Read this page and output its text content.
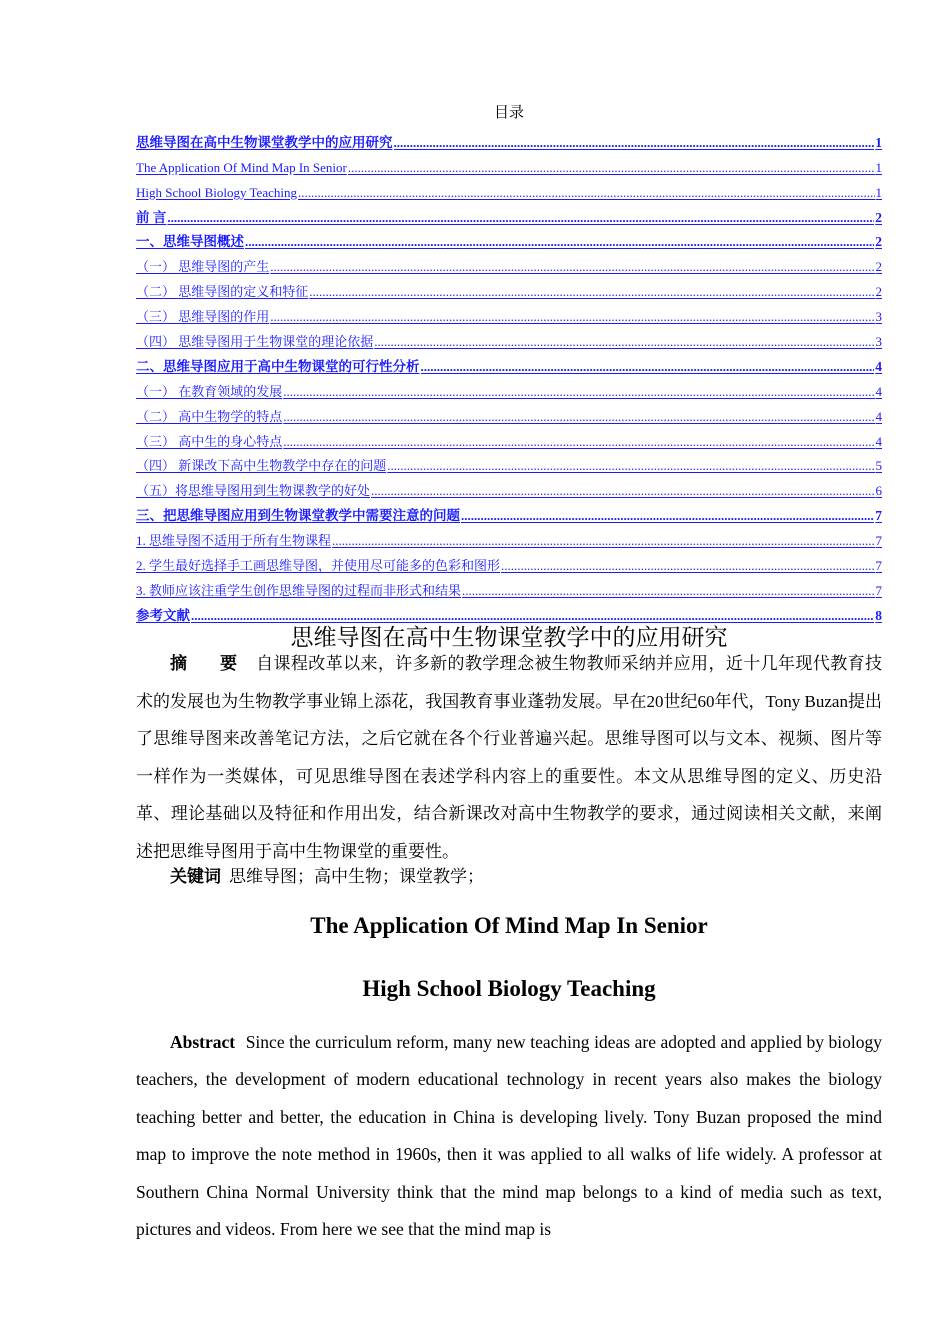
目录
思维导图在高中生物课堂教学中的应用研究 .....	1
The Application Of Mind Map In Senior .....	1
High School Biology Teaching .....	1
前 言 .....	2
一、思维导图概述 .....	2
（一） 思维导图的产生 .....	2
（二） 思维导图的定义和特征 .....	2
（三） 思维导图的作用 .....	3
（四） 思维导图用于生物课堂的理论依据 .....	3
二、思维导图应用于高中生物课堂的可行性分析 .....	4
（一） 在教育领域的发展 .....	4
（二） 高中生物学的特点 .....	4
（三） 高中生的身心特点 .....	4
（四） 新课改下高中生物教学中存在的问题 .....	5
（五）将思维导图用到生物课教学的好处 .....	6
三、把思维导图应用到生物课堂教学中需要注意的问题 .....	7
1. 思维导图不适用于所有生物课程 .....	7
2. 学生最好选择手工画思维导图，并使用尽可能多的色彩和图形 .....	7
3. 教师应该注重学生创作思维导图的过程而非形式和结果 .....	7
参考文献 .....	8
思维导图在高中生物课堂教学中的应用研究
摘 要 自课程改革以来，许多新的教学理念被生物教师采纳并应用，近十几年现代教育技术的发展也为生物教学事业锦上添花，我国教育事业蓬勃发展。早在20世纪60年代，Tony Buzan提出了思维导图来改善笔记方法，之后它就在各个行业普遍兴起。思维导图可以与文本、视频、图片等一样作为一类媒体，可见思维导图在表述学科内容上的重要性。本文从思维导图的定义、历史沿革、理论基础以及特征和作用出发，结合新课改对高中生物教学的要求，通过阅读相关文献，来阐述把思维导图用于高中生物课堂的重要性。
关键词 思维导图；高中生物；课堂教学；
The Application Of Mind Map In Senior
High School Biology Teaching
Abstract Since the curriculum reform, many new teaching ideas are adopted and applied by biology teachers, the development of modern educational technology in recent years also makes the biology teaching better and better, the education in China is developing lively. Tony Buzan proposed the mind map to improve the note method in 1960s, then it was applied to all walks of life widely. A professor at Southern China Normal University think that the mind map belongs to a kind of media such as text, pictures and videos. From here we see that the mind map is
